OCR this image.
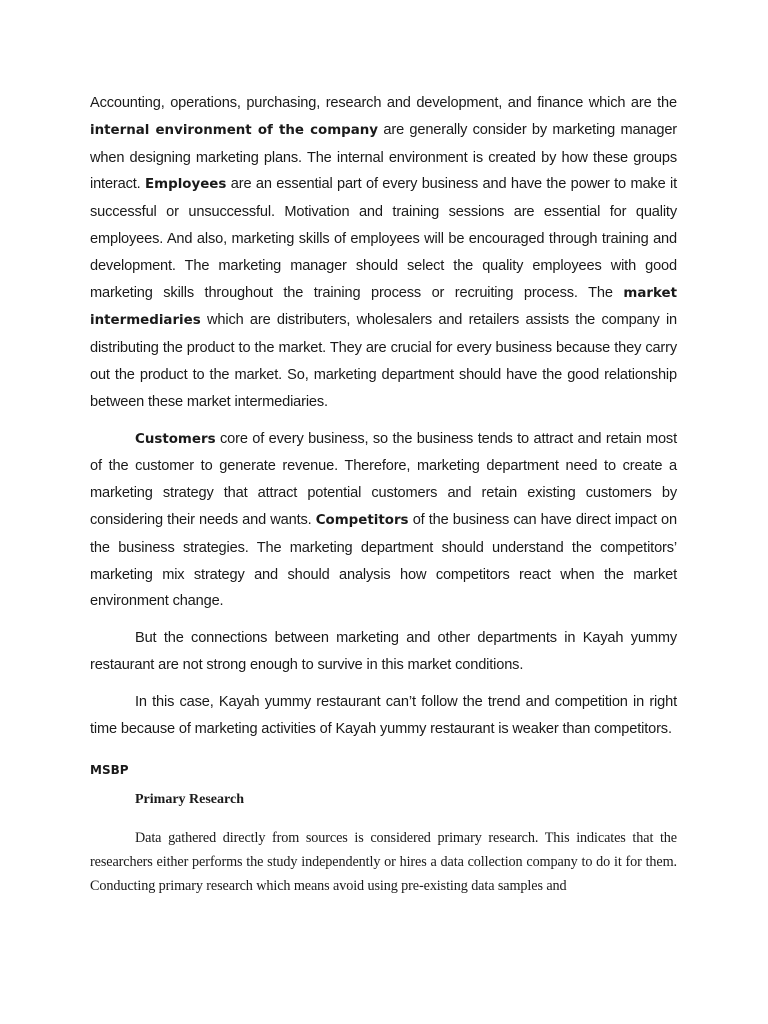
Accounting, operations, purchasing, research and development, and finance which are the internal environment of the company are generally consider by marketing manager when designing marketing plans. The internal environment is created by how these groups interact. Employees are an essential part of every business and have the power to make it successful or unsuccessful. Motivation and training sessions are essential for quality employees. And also, marketing skills of employees will be encouraged through training and development. The marketing manager should select the quality employees with good marketing skills throughout the training process or recruiting process. The market intermediaries which are distributers, wholesalers and retailers assists the company in distributing the product to the market. They are crucial for every business because they carry out the product to the market. So, marketing department should have the good relationship between these market intermediaries.

Customers core of every business, so the business tends to attract and retain most of the customer to generate revenue. Therefore, marketing department need to create a marketing strategy that attract potential customers and retain existing customers by considering their needs and wants. Competitors of the business can have direct impact on the business strategies. The marketing department should understand the competitors’ marketing mix strategy and should analysis how competitors react when the market environment change.

But the connections between marketing and other departments in Kayah yummy restaurant are not strong enough to survive in this market conditions.

In this case, Kayah yummy restaurant can’t follow the trend and competition in right time because of marketing activities of Kayah yummy restaurant is weaker than competitors.

MSBP
Primary Research

Data gathered directly from sources is considered primary research. This indicates that the researchers either performs the study independently or hires a data collection company to do it for them. Conducting primary research which means avoid using pre-existing data samples and
